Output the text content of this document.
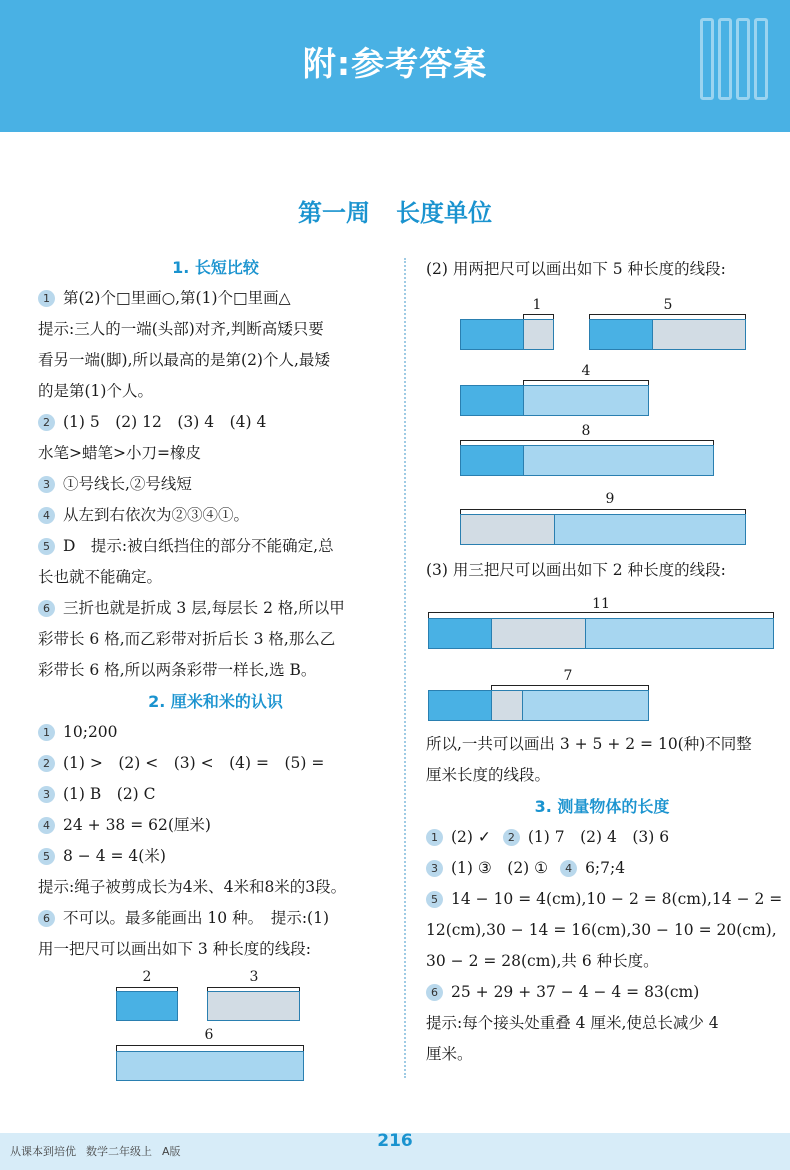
附:参考答案
第一周 长度单位
1. 长短比较
1 第(2)个□里画○,第(1)个□里画△
提示:三人的一端(头部)对齐,判断高矮只要
看另一端(脚),所以最高的是第(2)个人,最矮
的是第(1)个人。
2 (1) 5　(2) 12　(3) 4　(4) 4
水笔>蜡笔>小刀=橡皮
3 ①号线长,②号线短
4 从左到右依次为②③④①。
5 D　提示:被白纸挡住的部分不能确定,总
长也就不能确定。
6 三折也就是折成 3 层,每层长 2 格,所以甲
彩带长 6 格,而乙彩带对折后长 3 格,那么乙
彩带长 6 格,所以两条彩带一样长,选 B。
2. 厘米和米的认识
1 10;200
2 (1) >　(2) <　(3) <　(4) =　(5) =
3 (1) B　(2) C
4 24 + 38 = 62(厘米)
5 8 − 4 = 4(米)
提示:绳子被剪成长为4米、4米和8米的3段。
6 不可以。最多能画出 10 种。　提示:(1)
用一把尺可以画出如下 3 种长度的线段:
2	3
6
(2) 用两把尺可以画出如下 5 种长度的线段:
1	5
4
8
9
(3) 用三把尺可以画出如下 2 种长度的线段:
11
7
所以,一共可以画出 3 + 5 + 2 = 10(种)不同整
厘米长度的线段。
3. 测量物体的长度
1 (2) ✓ 2 (1) 7　(2) 4　(3) 6
3 (1) ③　(2) ① 4 6;7;4
5 14 − 10 = 4(cm),10 − 2 = 8(cm),14 − 2 =
12(cm),30 − 14 = 16(cm),30 − 10 = 20(cm),
30 − 2 = 28(cm),共 6 种长度。
6 25 + 29 + 37 − 4 − 4 = 83(cm)
提示:每个接头处重叠 4 厘米,使总长减少 4
厘米。
从课本到培优 数学二年级上 A版
216
